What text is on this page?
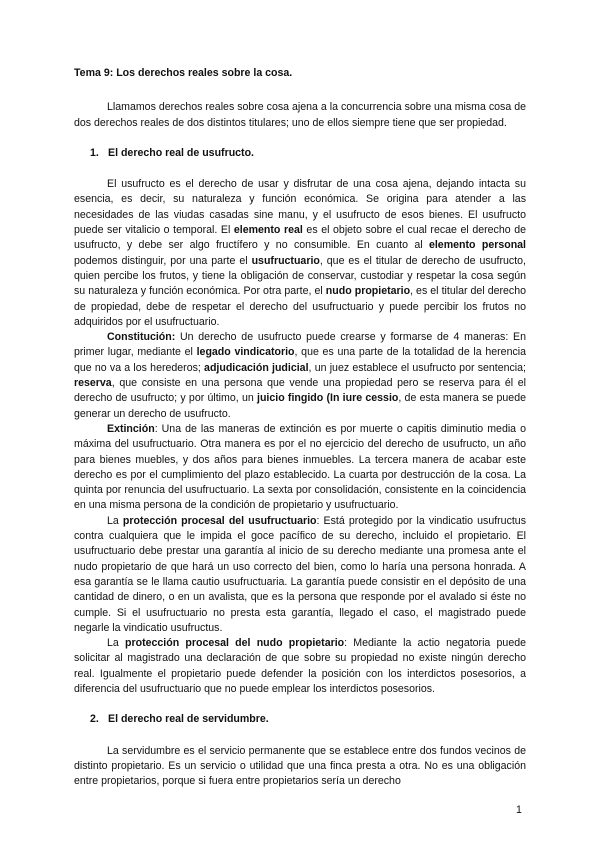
Tema 9: Los derechos reales sobre la cosa.

Llamamos derechos reales sobre cosa ajena a la concurrencia sobre una misma cosa de dos derechos reales de dos distintos titulares; uno de ellos siempre tiene que ser propiedad.

1. El derecho real de usufructo.

El usufructo es el derecho de usar y disfrutar de una cosa ajena, dejando intacta su esencia, es decir, su naturaleza y función económica. Se origina para atender a las necesidades de las viudas casadas sine manu, y el usufructo de esos bienes. El usufructo puede ser vitalicio o temporal. El elemento real es el objeto sobre el cual recae el derecho de usufructo, y debe ser algo fructífero y no consumible. En cuanto al elemento personal podemos distinguir, por una parte el usufructuario, que es el titular de derecho de usufructo, quien percibe los frutos, y tiene la obligación de conservar, custodiar y respetar la cosa según su naturaleza y función económica. Por otra parte, el nudo propietario, es el titular del derecho de propiedad, debe de respetar el derecho del usufructuario y puede percibir los frutos no adquiridos por el usufructuario.

Constitución: Un derecho de usufructo puede crearse y formarse de 4 maneras: En primer lugar, mediante el legado vindicatorio, que es una parte de la totalidad de la herencia que no va a los herederos; adjudicación judicial, un juez establece el usufructo por sentencia; reserva, que consiste en una persona que vende una propiedad pero se reserva para él el derecho de usufructo; y por último, un juicio fingido (In iure cessio, de esta manera se puede generar un derecho de usufructo.

Extinción: Una de las maneras de extinción es por muerte o capitis diminutio media o máxima del usufructuario. Otra manera es por el no ejercicio del derecho de usufructo, un año para bienes muebles, y dos años para bienes inmuebles. La tercera manera de acabar este derecho es por el cumplimiento del plazo establecido. La cuarta por destrucción de la cosa. La quinta por renuncia del usufructuario. La sexta por consolidación, consistente en la coincidencia en una misma persona de la condición de propietario y usufructuario.

La protección procesal del usufructuario: Está protegido por la vindicatio usufructus contra cualquiera que le impida el goce pacífico de su derecho, incluido el propietario. El usufructuario debe prestar una garantía al inicio de su derecho mediante una promesa ante el nudo propietario de que hará un uso correcto del bien, como lo haría una persona honrada. A esa garantía se le llama cautio usufructuaria. La garantía puede consistir en el depósito de una cantidad de dinero, o en un avalista, que es la persona que responde por el avalado si éste no cumple. Si el usufructuario no presta esta garantía, llegado el caso, el magistrado puede negarle la vindicatio usufructus.

La protección procesal del nudo propietario: Mediante la actio negatoria puede solicitar al magistrado una declaración de que sobre su propiedad no existe ningún derecho real. Igualmente el propietario puede defender la posición con los interdictos posesorios, a diferencia del usufructuario que no puede emplear los interdictos posesorios.

2. El derecho real de servidumbre.

La servidumbre es el servicio permanente que se establece entre dos fundos vecinos de distinto propietario. Es un servicio o utilidad que una finca presta a otra. No es una obligación entre propietarios, porque si fuera entre propietarios sería un derecho

1
